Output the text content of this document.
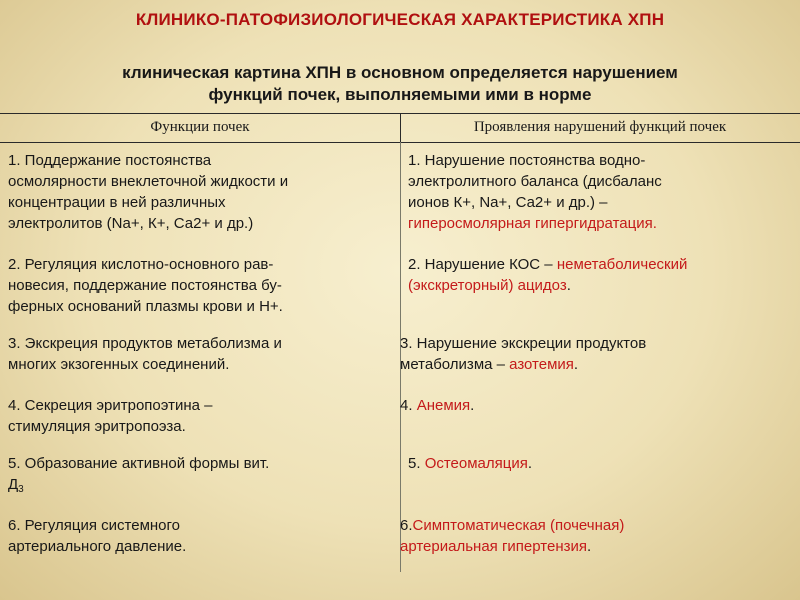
КЛИНИКО-ПАТОФИЗИОЛОГИЧЕСКАЯ ХАРАКТЕРИСТИКА ХПН
клиническая картина ХПН в основном определяется нарушением
функций почек, выполняемыми ими в норме
Функции почек	Проявления нарушений функций почек
1. Поддержание постоянства
осмолярности внеклеточной жидкости и
концентрации в ней различных
электролитов (Na+, К+, Са2+ и др.)
1. Нарушение постоянства водно-
электролитного баланса (дисбаланс
ионов К+, Na+, Са2+ и др.) –
гиперосмолярная гипергидратация.
2. Регуляция кислотно-основного рав-
новесия, поддержание постоянства бу-
ферных оснований плазмы крови и Н+.
2. Нарушение КОС – неметаболический
(экскреторный) ацидоз.
3. Экскреция продуктов метаболизма и
многих экзогенных соединений.
3. Нарушение экскреции продуктов
метаболизма – азотемия.
4. Секреция эритропоэтина –
стимуляция эритропоэза.
4. Анемия.
5. Образование активной формы вит.
$Д_3$
5. Остеомаляция.
6. Регуляция системного
артериального давление.
6.Симптоматическая (почечная)
артериальная гипертензия.
